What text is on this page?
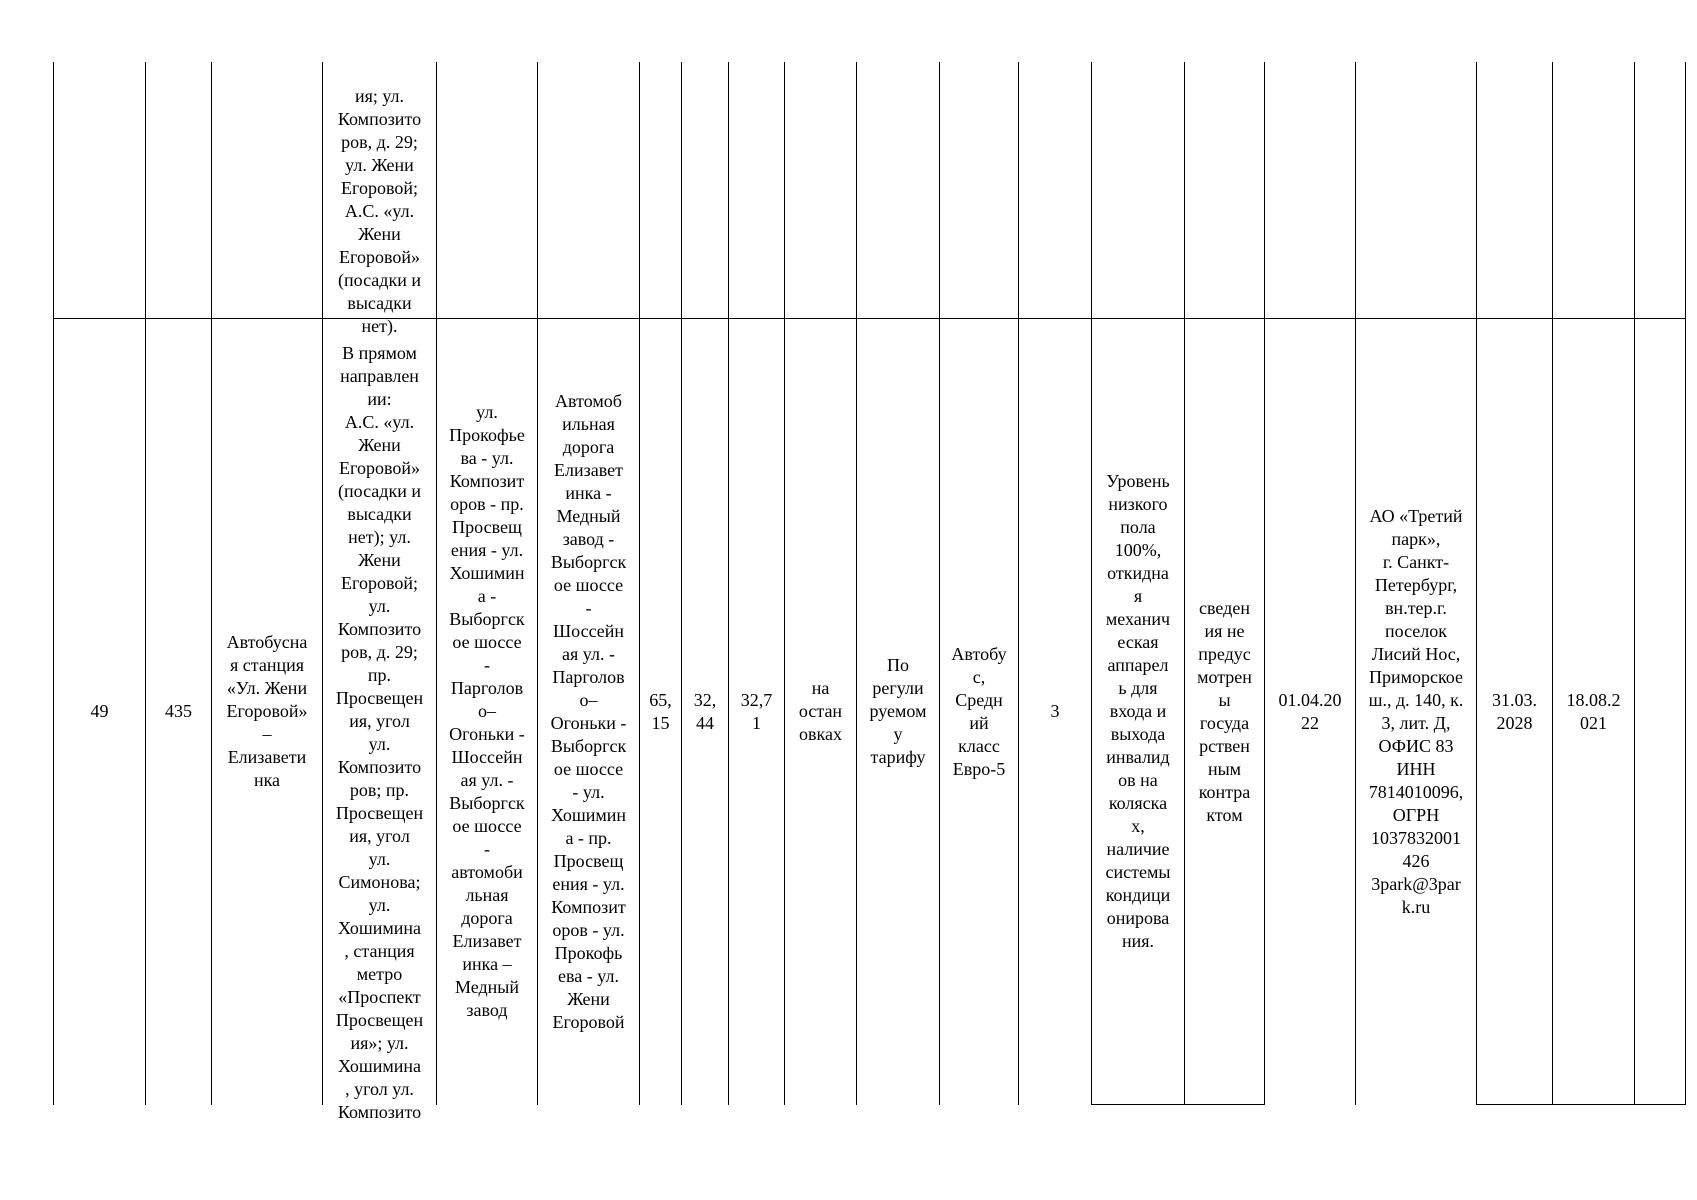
ия; ул.
Композито
ров, д. 29;
ул. Жени
Егоровой;
А.С. «ул.
Жени
Егоровой»
(посадки и
высадки
нет).

49	435
Автобусна
я станция
«Ул. Жени
Егоровой»
–
Елизавети
нка

В прямом
направлен
ии:
А.С. «ул.
Жени
Егоровой»
(посадки и
высадки
нет); ул.
Жени
Егоровой;
ул.
Композито
ров, д. 29;
пр.
Просвещен
ия, угол
ул.
Композито
ров; пр.
Просвещен
ия, угол
ул.
Симонова;
ул.
Хошимина
, станция
метро
«Проспект
Просвещен
ия»; ул.
Хошимина
, угол ул.
Композито

ул.
Прокофье
ва - ул.
Композит
оров - пр.
Просвещ
ения - ул.
Хошимин
а -
Выборгск
ое шоссе
-
Парголов
о–
Огоньки -
Шоссейн
ая ул. -
Выборгск
ое шоссе
-
автомоби
льная
дорога
Елизавет
инка –
Медный
завод
Автомоб
ильная
дорога
Елизавет
инка -
Медный
завод -
Выборгск
ое шоссе
-
Шоссейн
ая ул. -
Парголов
о–
Огоньки -
Выборгск
ое шоссе
- ул.
Хошимин
а - пр.
Просвещ
ения - ул.
Композит
оров - ул.
Прокофь
ева - ул.
Жени
Егоровой
65,
15
32,
44
32,7
1
на
остан
овках
По
регули
руемом
у
тарифу
Автобу
с,
Средн
ий
класс
Евро-5
3
Уровень
низкого
пола
100%,
откидна
я
механич
еская
аппарел
ь для
входа и
выхода
инвалид
ов на
коляска
х,
наличие
системы
кондици
онирова
ния.
сведен
ия не
предус
мотрен
ы
госуда
рствен
ным
контра
ктом
01.04.20
22
АО «Третий
парк»,
г. Санкт-
Петербург,
вн.тер.г.
поселок
Лисий Нос,
Приморское
ш., д. 140, к.
3, лит. Д,
ОФИС 83
ИНН
7814010096,
ОГРН
1037832001
426
3park@3par
k.ru
31.03.
2028
18.08.2
021
